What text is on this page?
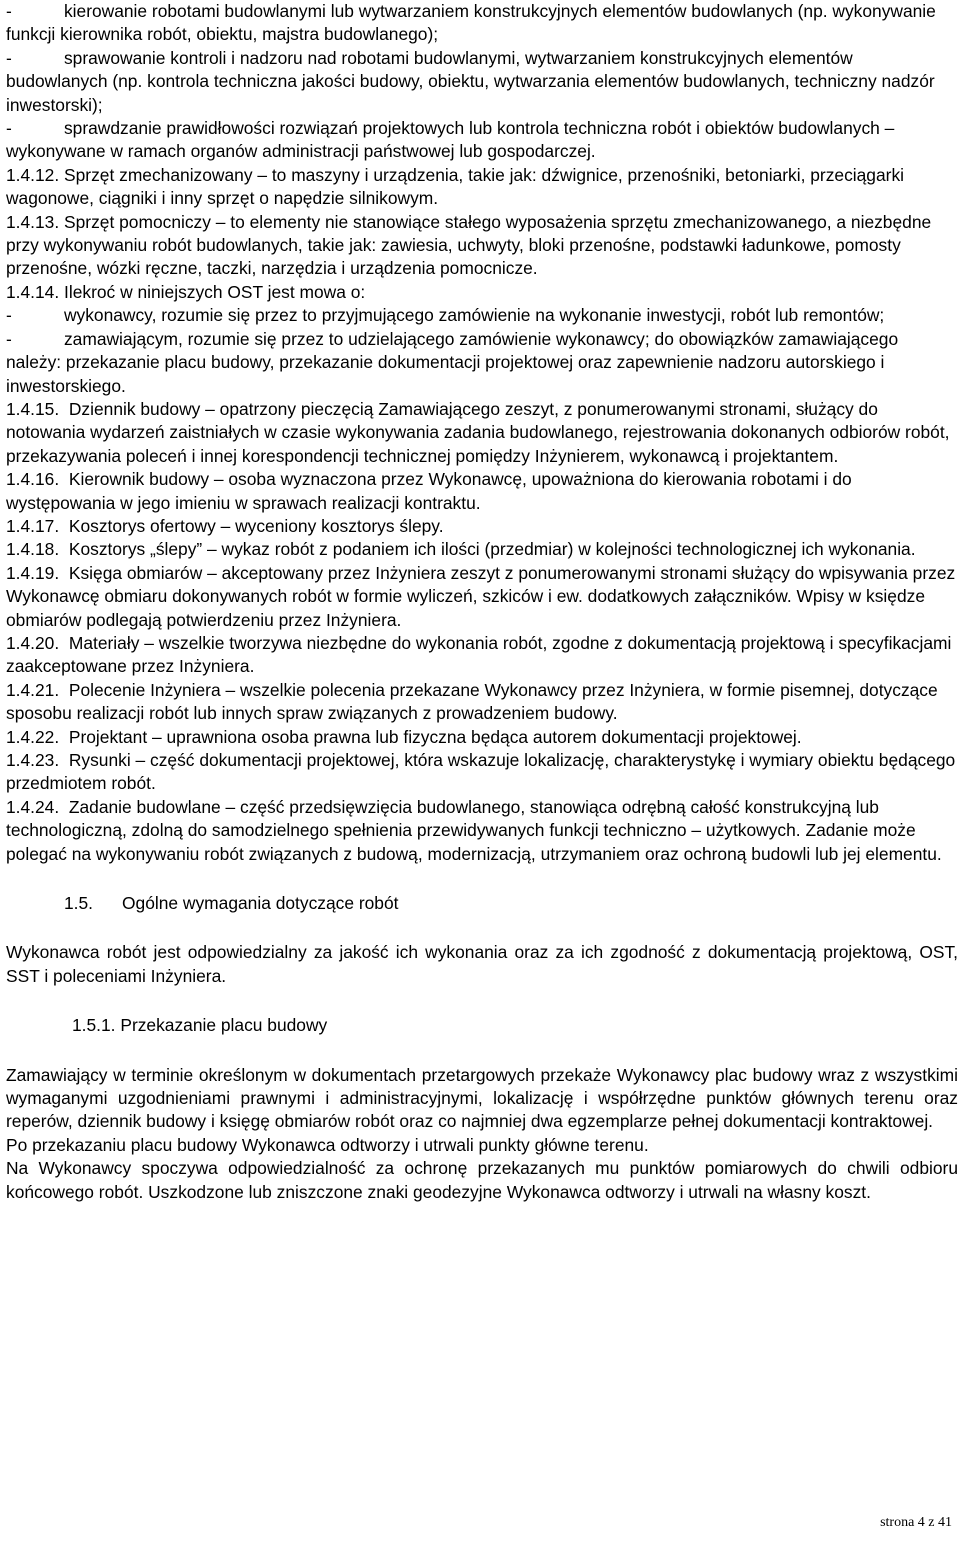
-   kierowanie robotami budowlanymi lub wytwarzaniem konstrukcyjnych elementów budowlanych (np. wykonywanie funkcji kierownika robót, obiektu, majstra budowlanego);

-   sprawowanie kontroli i nadzoru nad robotami budowlanymi, wytwarzaniem konstrukcyjnych elementów budowlanych (np. kontrola techniczna jakości budowy, obiektu, wytwarzania elementów budowlanych, techniczny nadzór inwestorski);

-   sprawdzanie prawidłowości rozwiązań projektowych lub kontrola techniczna robót i obiektów budowlanych – wykonywane w ramach organów administracji państwowej lub gospodarczej.

1.4.12. Sprzęt zmechanizowany – to maszyny i urządzenia, takie jak: dźwignice, przenośniki, betoniarki, przeciągarki wagonowe, ciągniki i inny sprzęt o napędzie silnikowym.

1.4.13. Sprzęt pomocniczy – to elementy nie stanowiące stałego wyposażenia sprzętu zmechanizowanego, a niezbędne przy wykonywaniu robót budowlanych, takie jak: zawiesia, uchwyty, bloki przenośne, podstawki ładunkowe, pomosty przenośne, wózki ręczne, taczki, narzędzia i urządzenia pomocnicze.

1.4.14. Ilekroć w niniejszych OST jest mowa o:

-   wykonawcy, rozumie się przez to przyjmującego zamówienie na wykonanie inwestycji, robót lub remontów;

-   zamawiającym, rozumie się przez to udzielającego zamówienie wykonawcy; do obowiązków zamawiającego należy: przekazanie placu budowy, przekazanie dokumentacji projektowej oraz zapewnienie nadzoru autorskiego i inwestorskiego.

1.4.15. Dziennik budowy – opatrzony pieczęcią Zamawiającego zeszyt, z ponumerowanymi stronami, służący do notowania wydarzeń zaistniałych w czasie wykonywania zadania budowlanego, rejestrowania dokonanych odbiorów robót, przekazywania poleceń i innej korespondencji technicznej pomiędzy Inżynierem, wykonawcą i projektantem.

1.4.16. Kierownik budowy – osoba wyznaczona przez Wykonawcę, upoważniona do kierowania robotami i do występowania w jego imieniu w sprawach realizacji kontraktu.

1.4.17. Kosztorys ofertowy – wyceniony kosztorys ślepy.

1.4.18. Kosztorys „ślepy” – wykaz robót z podaniem ich ilości (przedmiar) w kolejności technologicznej ich wykonania.

1.4.19. Księga obmiarów – akceptowany przez Inżyniera zeszyt z ponumerowanymi stronami służący do wpisywania przez Wykonawcę obmiaru dokonywanych robót w formie wyliczeń, szkiców i ew. dodatkowych załączników. Wpisy w księdze obmiarów podlegają potwierdzeniu przez Inżyniera.

1.4.20. Materiały – wszelkie tworzywa niezbędne do wykonania robót, zgodne z dokumentacją projektową i specyfikacjami zaakceptowane przez Inżyniera.

1.4.21. Polecenie Inżyniera – wszelkie polecenia przekazane Wykonawcy przez Inżyniera, w formie pisemnej, dotyczące sposobu realizacji robót lub innych spraw związanych z prowadzeniem budowy.

1.4.22. Projektant – uprawniona osoba prawna lub fizyczna będąca autorem dokumentacji projektowej.

1.4.23. Rysunki – część dokumentacji projektowej, która wskazuje lokalizację, charakterystykę i wymiary obiektu będącego przedmiotem robót.

1.4.24. Zadanie budowlane – część przedsięwzięcia budowlanego, stanowiąca odrębną całość konstrukcyjną lub technologiczną, zdolną do samodzielnego spełnienia przewidywanych funkcji techniczno – użytkowych. Zadanie może polegać na wykonywaniu robót związanych z budową, modernizacją, utrzymaniem oraz ochroną budowli lub jej elementu.

1.5. Ogólne wymagania dotyczące robót

Wykonawca robót jest odpowiedzialny za jakość ich wykonania oraz za ich zgodność z dokumentacją projektową, OST, SST i poleceniami Inżyniera.

1.5.1. Przekazanie placu budowy

Zamawiający w terminie określonym w dokumentach przetargowych przekaże Wykonawcy plac budowy wraz z wszystkimi wymaganymi uzgodnieniami prawnymi i administracyjnymi, lokalizację i współrzędne punktów głównych terenu oraz reperów, dziennik budowy i księgę obmiarów robót oraz co najmniej dwa egzemplarze pełnej dokumentacji kontraktowej.

Po przekazaniu placu budowy Wykonawca odtworzy i utrwali punkty główne terenu.

Na Wykonawcy spoczywa odpowiedzialność za ochronę przekazanych mu punktów pomiarowych do chwili odbioru końcowego robót. Uszkodzone lub zniszczone znaki geodezyjne Wykonawca odtworzy i utrwali na własny koszt.

strona 4 z 41
